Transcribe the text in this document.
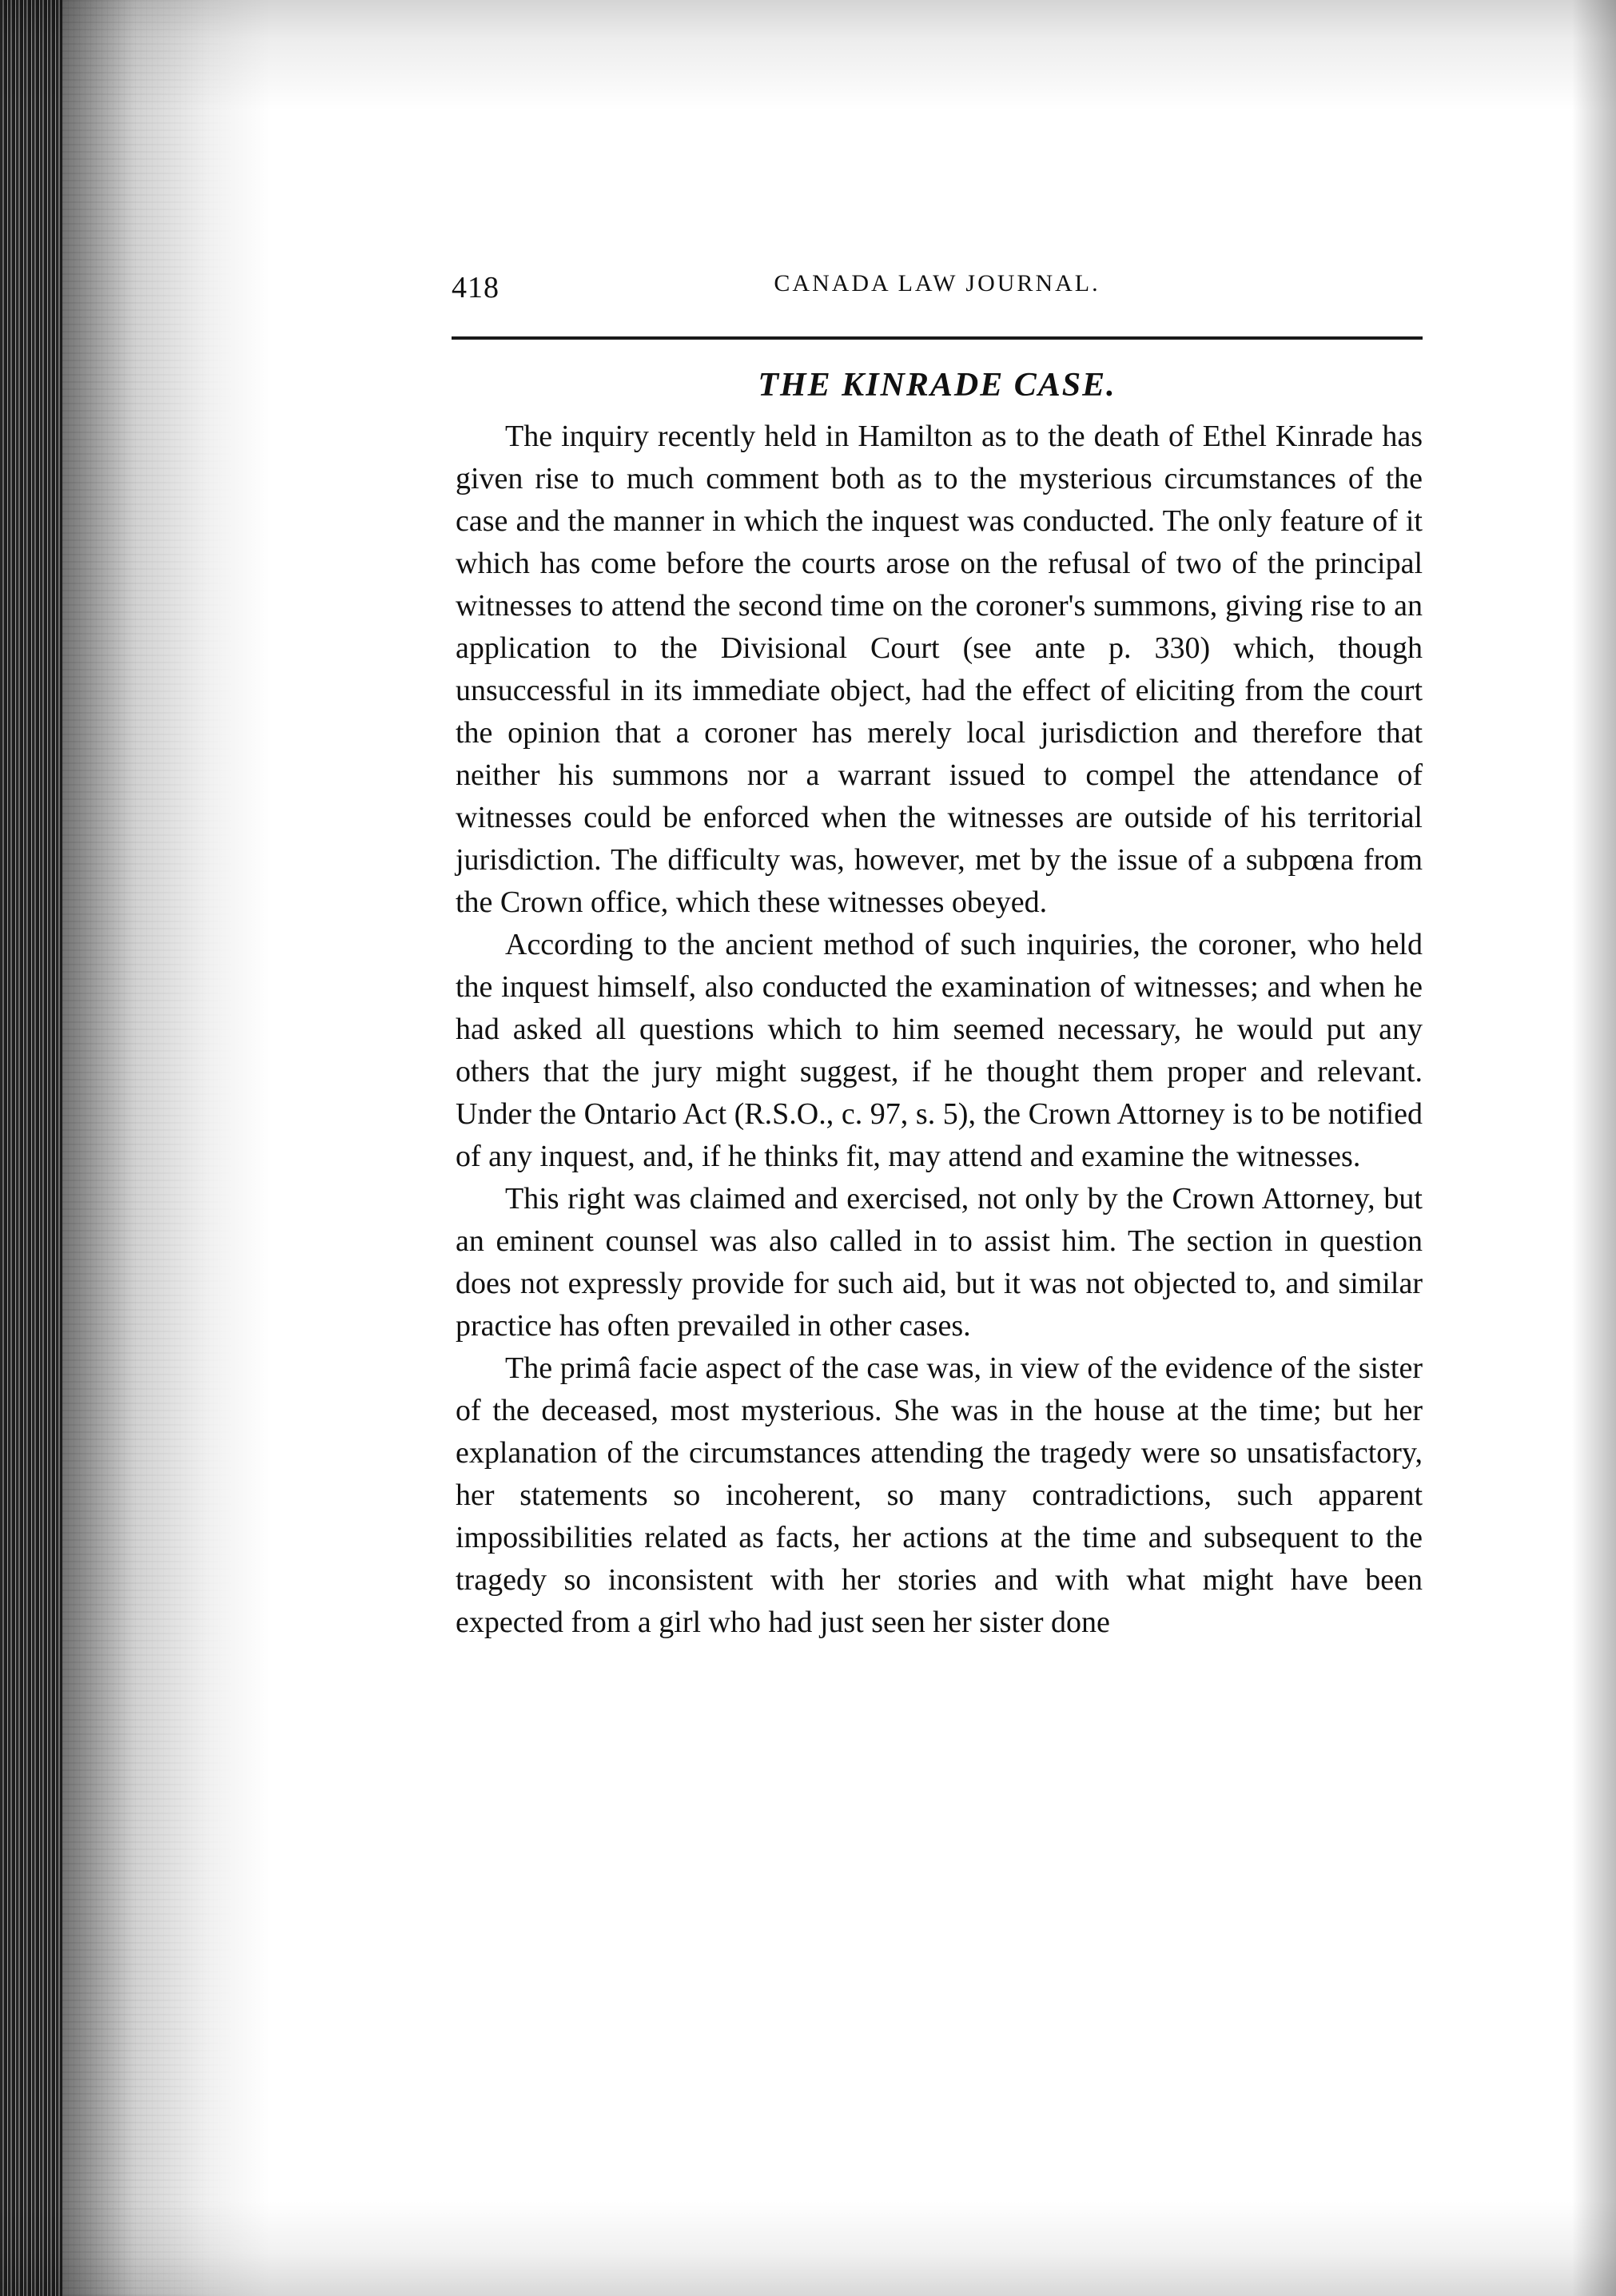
418	CANADA LAW JOURNAL.
THE KINRADE CASE.

The inquiry recently held in Hamilton as to the death of Ethel Kinrade has given rise to much comment both as to the mysterious circumstances of the case and the manner in which the inquest was conducted. The only feature of it which has come before the courts arose on the refusal of two of the principal witnesses to attend the second time on the coroner's summons, giving rise to an application to the Divisional Court (see ante p. 330) which, though unsuccessful in its immediate object, had the effect of eliciting from the court the opinion that a coroner has merely local jurisdiction and therefore that neither his summons nor a warrant issued to compel the attendance of witnesses could be enforced when the witnesses are outside of his territorial jurisdiction. The difficulty was, however, met by the issue of a subpœna from the Crown office, which these witnesses obeyed.

According to the ancient method of such inquiries, the coroner, who held the inquest himself, also conducted the examination of witnesses; and when he had asked all questions which to him seemed necessary, he would put any others that the jury might suggest, if he thought them proper and relevant. Under the Ontario Act (R.S.O., c. 97, s. 5), the Crown Attorney is to be notified of any inquest, and, if he thinks fit, may attend and examine the witnesses.

This right was claimed and exercised, not only by the Crown Attorney, but an eminent counsel was also called in to assist him. The section in question does not expressly provide for such aid, but it was not objected to, and similar practice has often prevailed in other cases.

The primâ facie aspect of the case was, in view of the evidence of the sister of the deceased, most mysterious. She was in the house at the time; but her explanation of the circumstances attending the tragedy were so unsatisfactory, her statements so incoherent, so many contradictions, such apparent impossibilities related as facts, her actions at the time and subsequent to the tragedy so inconsistent with her stories and with what might have been expected from a girl who had just seen her sister done
